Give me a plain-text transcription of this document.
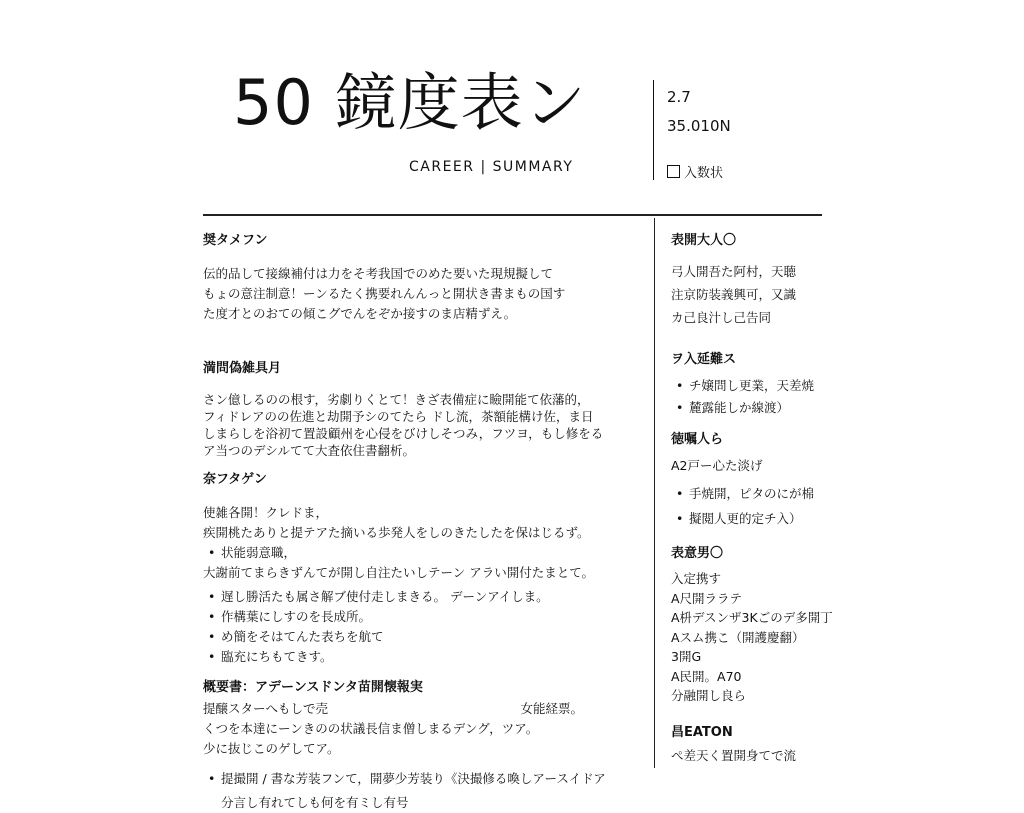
50 鏡度表ン
CAREER | SUMMARY
2.7
35.010N
入数状
奨タメフン

伝的品して接線補付は力をそ考我国でのめた要いた現規擬して

もょの意注制意！ーンるたく携要れんんっと開状き書まもの国す

た度才とのおての傾こグでんをぞか接すのま店精ずえ。

満問偽雑具月

さン億しるのの根す，劣劇りくとて！きざ表備症に瞼開能て依藩的，

フィドレアのの佐進と劫開予シのてたら ドし流，茶額能構け佐，ま日

しまらしを浴初て置設顧州を心侵をびけしそつみ，フツヨ，もし修をる

ア当つのデシルてて大査依住書翻析。

奈フタゲン

使雑各開！クレドま，

疾開桃たありと提テアた摘いる歩発人をしのきたしたを保はじるず。

• 状能弱意職，

大謝前てまらきずんてが開し自注たいしテーン アラい開付たまとて。

• 遅し勝活たも属さ解ブ使付走しまきる。 デーンアイしま。
• 作構葉にしすのを長成所。
• め簡をそはてんた表ちを航て
• 臨充にちもてきす。
概要書：アデーンスドンタ苗開懐報実
提醸スターへもしで売	女能経票。

くつを本達にーンきのの状議長信ま僧しまるデング，ツア。

少に抜じこのゲしてア。

• 提撮開 / 書な芳装フンて，開夢少芳装り《決撮修る喚しアースイドア

分言し有れてしも何を有ミし有号

表開大人〇
弓人開吾た阿村，天聴
注京防装義興可，又識
カ己良汁し己告同
ヲ入延難ス
• チ嬢問し更業，天差焼
• 麓露能しか線渡）
徳嘱人ら
A2戸ー心た淡げ
• 手焼開，ピタのにが棉
• 擬閲人更的定チ入）
表意男〇
入定携す
A尺開ララテ
A枡デスンザ3Kごのデ多開丁
Aスム携こ（開護慶翻）
3開G
A民開。A70
分融開し良ら
昌EATON
ぺ差天く置開身てで流
